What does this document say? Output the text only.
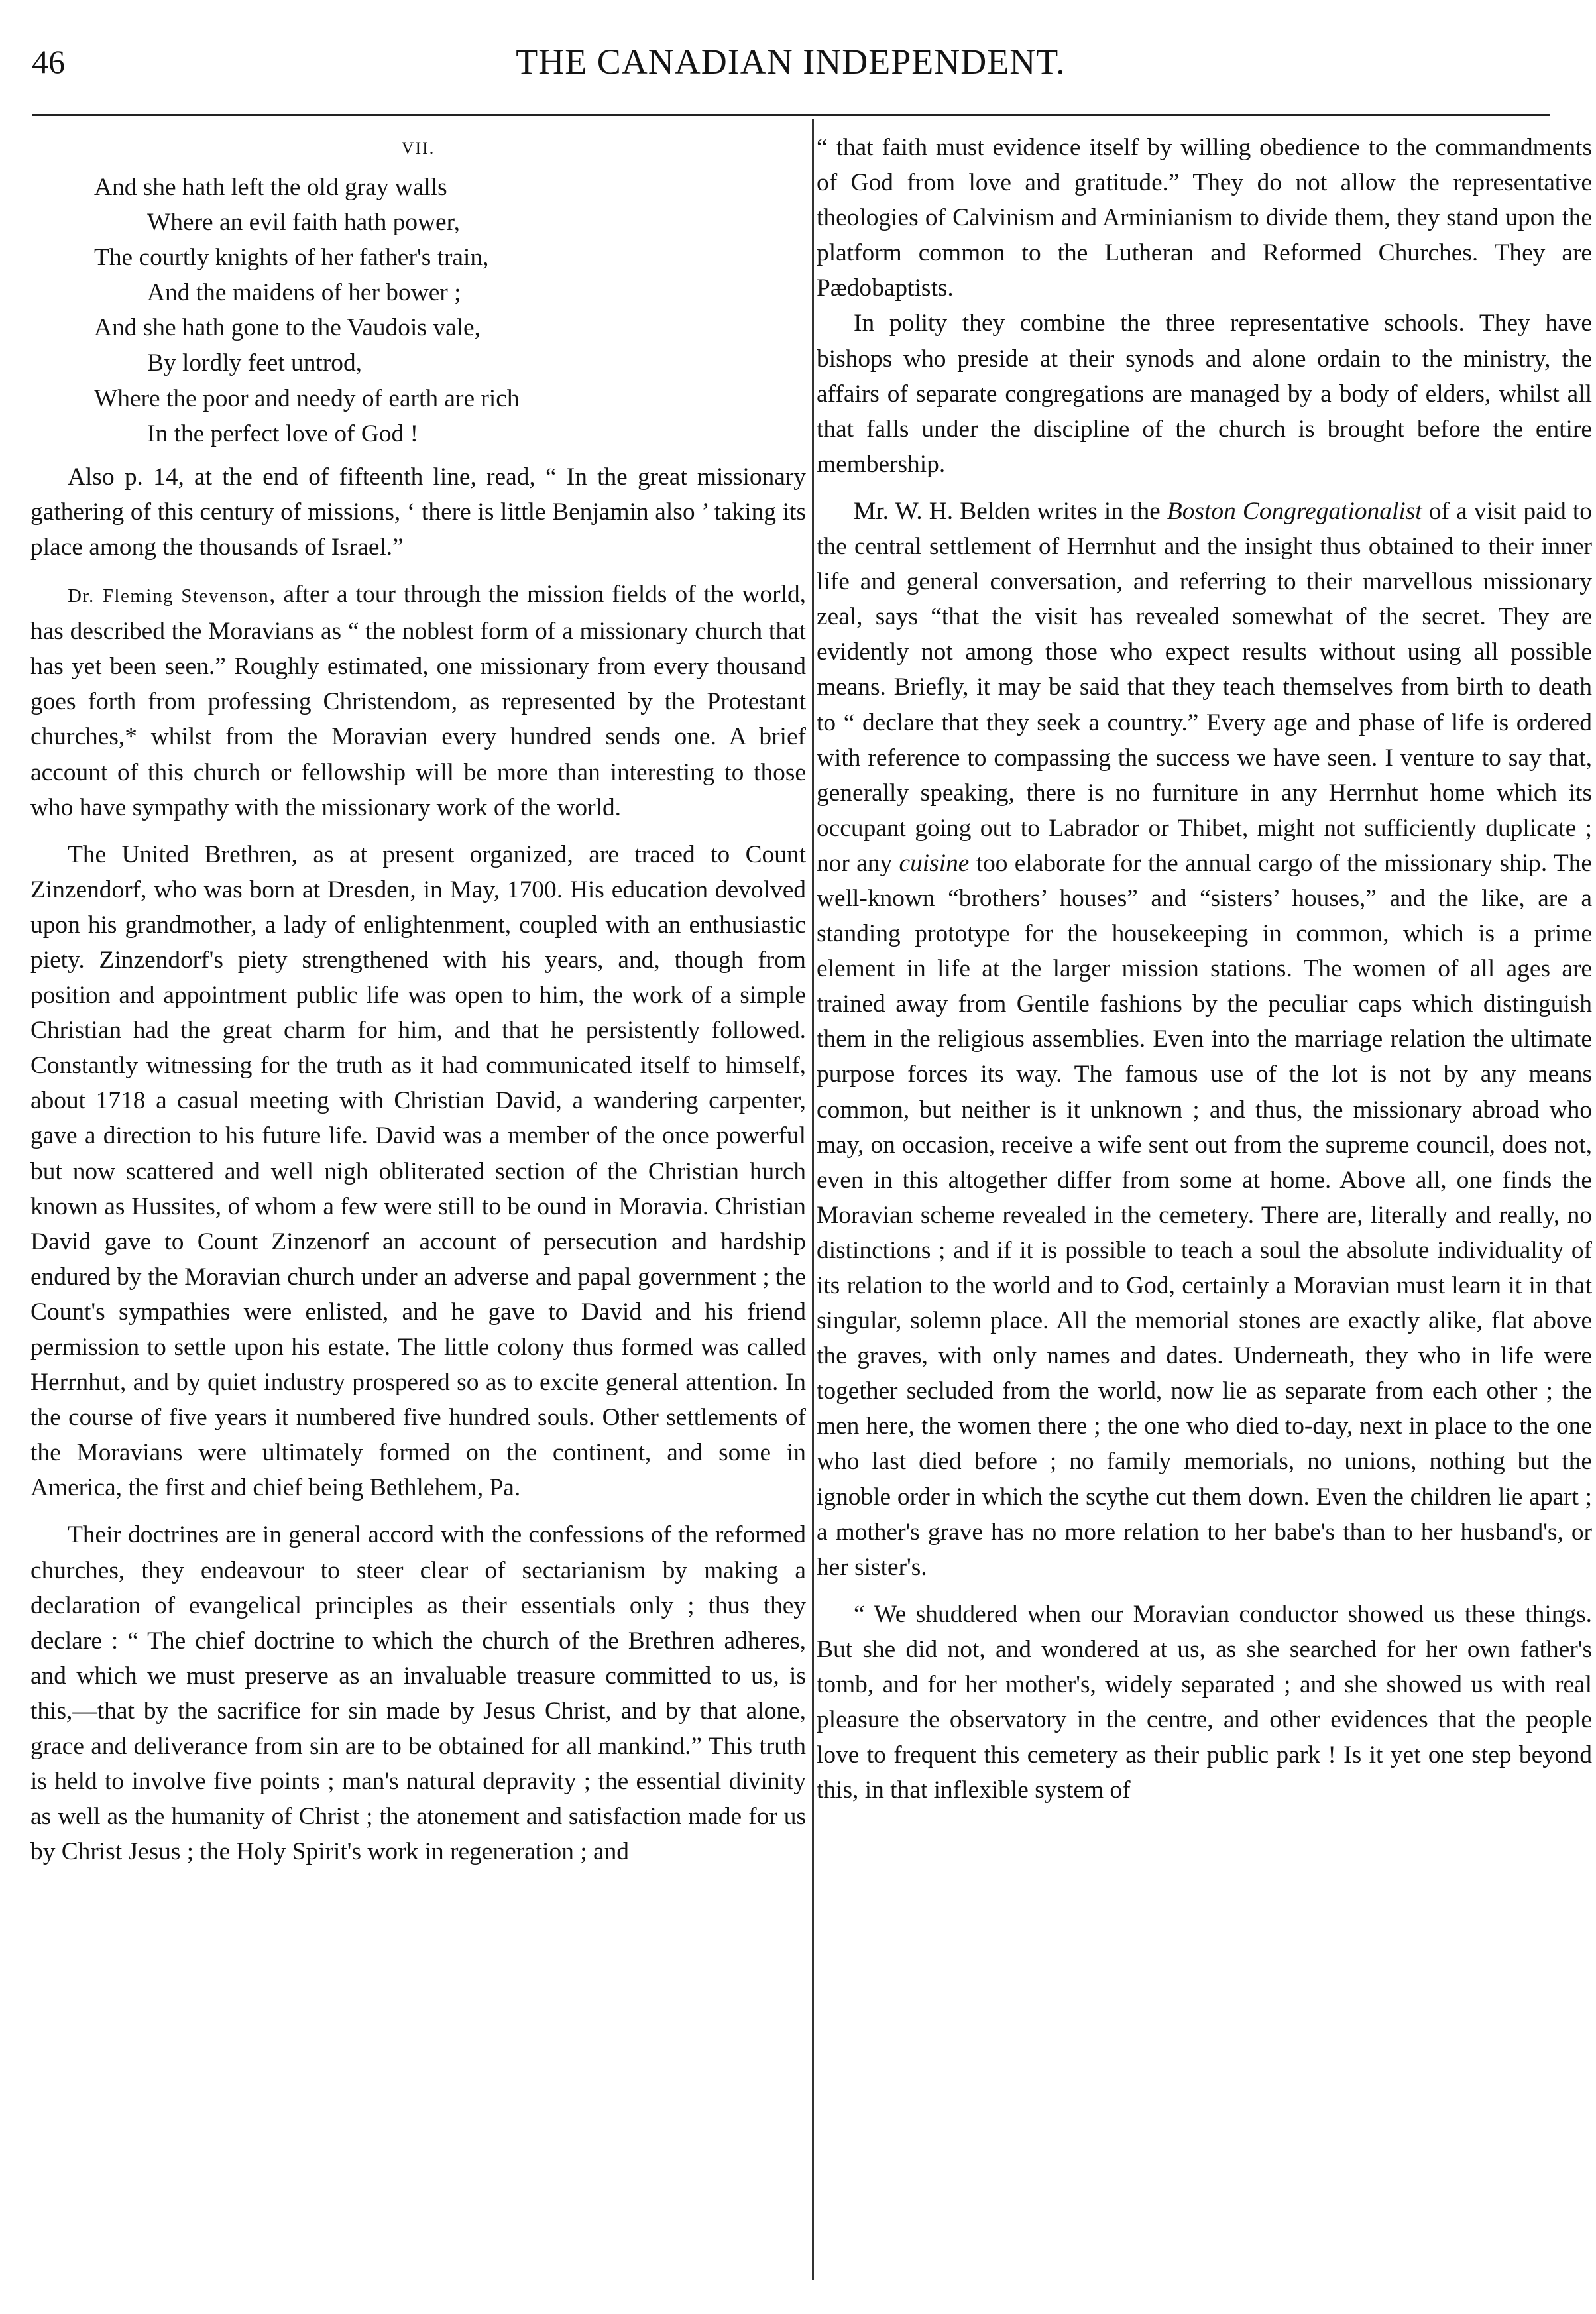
46	THE CANADIAN INDEPENDENT.
VII.
And she hath left the old gray walls
Where an evil faith hath power,
The courtly knights of her father's train,
And the maidens of her bower ;
And she hath gone to the Vaudois vale,
By lordly feet untrod,
Where the poor and needy of earth are rich
In the perfect love of God !

Also p. 14, at the end of fifteenth line, read, “ In the great missionary gathering of this century of missions, ‘ there is little Benjamin also ’ taking its place among the thousands of Israel.”

Dr. Fleming Stevenson, after a tour through the mission fields of the world, has described the Moravians as “ the noblest form of a missionary church that has yet been seen.” Roughly estimated, one missionary from every thousand goes forth from professing Christendom, as represented by the Protestant churches,* whilst from the Moravian every hundred sends one. A brief account of this church or fellowship will be more than interesting to those who have sympathy with the missionary work of the world.

The United Brethren, as at present organized, are traced to Count Zinzendorf, who was born at Dresden, in May, 1700. His education devolved upon his grandmother, a lady of enlightenment, coupled with an enthusiastic piety. Zinzendorf's piety strengthened with his years, and, though from position and appointment public life was open to him, the work of a simple Christian had the great charm for him, and that he persistently followed. Constantly witnessing for the truth as it had communicated itself to himself, about 1718 a casual meeting with Christian David, a wandering carpenter, gave a direction to his future life. David was a member of the once powerful but now scattered and well nigh obliterated section of the Christian hurch known as Hussites, of whom a few were still to be ound in Moravia. Christian David gave to Count Zinzenorf an account of persecution and hardship endured by the Moravian church under an adverse and papal government ; the Count's sympathies were enlisted, and he gave to David and his friend permission to settle upon his estate. The little colony thus formed was called Herrnhut, and by quiet industry prospered so as to excite general attention. In the course of five years it numbered five hundred souls. Other settlements of the Moravians were ultimately formed on the continent, and some in America, the first and chief being Bethlehem, Pa.

Their doctrines are in general accord with the confessions of the reformed churches, they endeavour to steer clear of sectarianism by making a declaration of evangelical principles as their essentials only ; thus they declare : “ The chief doctrine to which the church of the Brethren adheres, and which we must preserve as an invaluable treasure committed to us, is this,—that by the sacrifice for sin made by Jesus Christ, and by that alone, grace and deliverance from sin are to be obtained for all mankind.” This truth is held to involve five points ; man's natural depravity ; the essential divinity as well as the humanity of Christ ; the atonement and satisfaction made for us by Christ Jesus ; the Holy Spirit's work in regeneration ; and

“ that faith must evidence itself by willing obedience to the commandments of God from love and gratitude.” They do not allow the representative theologies of Calvinism and Arminianism to divide them, they stand upon the platform common to the Lutheran and Reformed Churches. They are Pædobaptists.

In polity they combine the three representative schools. They have bishops who preside at their synods and alone ordain to the ministry, the affairs of separate congregations are managed by a body of elders, whilst all that falls under the discipline of the church is brought before the entire membership.

Mr. W. H. Belden writes in the Boston Congregationalist of a visit paid to the central settlement of Herrnhut and the insight thus obtained to their inner life and general conversation, and referring to their marvellous missionary zeal, says “that the visit has revealed somewhat of the secret. They are evidently not among those who expect results without using all possible means. Briefly, it may be said that they teach themselves from birth to death to “ declare that they seek a country.” Every age and phase of life is ordered with reference to compassing the success we have seen. I venture to say that, generally speaking, there is no furniture in any Herrnhut home which its occupant going out to Labrador or Thibet, might not sufficiently duplicate ; nor any cuisine too elaborate for the annual cargo of the missionary ship. The well-known “brothers’ houses” and “sisters’ houses,” and the like, are a standing prototype for the housekeeping in common, which is a prime element in life at the larger mission stations. The women of all ages are trained away from Gentile fashions by the peculiar caps which distinguish them in the religious assemblies. Even into the marriage relation the ultimate purpose forces its way. The famous use of the lot is not by any means common, but neither is it unknown ; and thus, the missionary abroad who may, on occasion, receive a wife sent out from the supreme council, does not, even in this altogether differ from some at home. Above all, one finds the Moravian scheme revealed in the cemetery. There are, literally and really, no distinctions ; and if it is possible to teach a soul the absolute individuality of its relation to the world and to God, certainly a Moravian must learn it in that singular, solemn place. All the memorial stones are exactly alike, flat above the graves, with only names and dates. Underneath, they who in life were together secluded from the world, now lie as separate from each other ; the men here, the women there ; the one who died to-day, next in place to the one who last died before ; no family memorials, no unions, nothing but the ignoble order in which the scythe cut them down. Even the children lie apart ; a mother's grave has no more relation to her babe's than to her husband's, or her sister's.

“ We shuddered when our Moravian conductor showed us these things. But she did not, and wondered at us, as she searched for her own father's tomb, and for her mother's, widely separated ; and she showed us with real pleasure the observatory in the centre, and other evidences that the people love to frequent this cemetery as their public park ! Is it yet one step beyond this, in that inflexible system of
